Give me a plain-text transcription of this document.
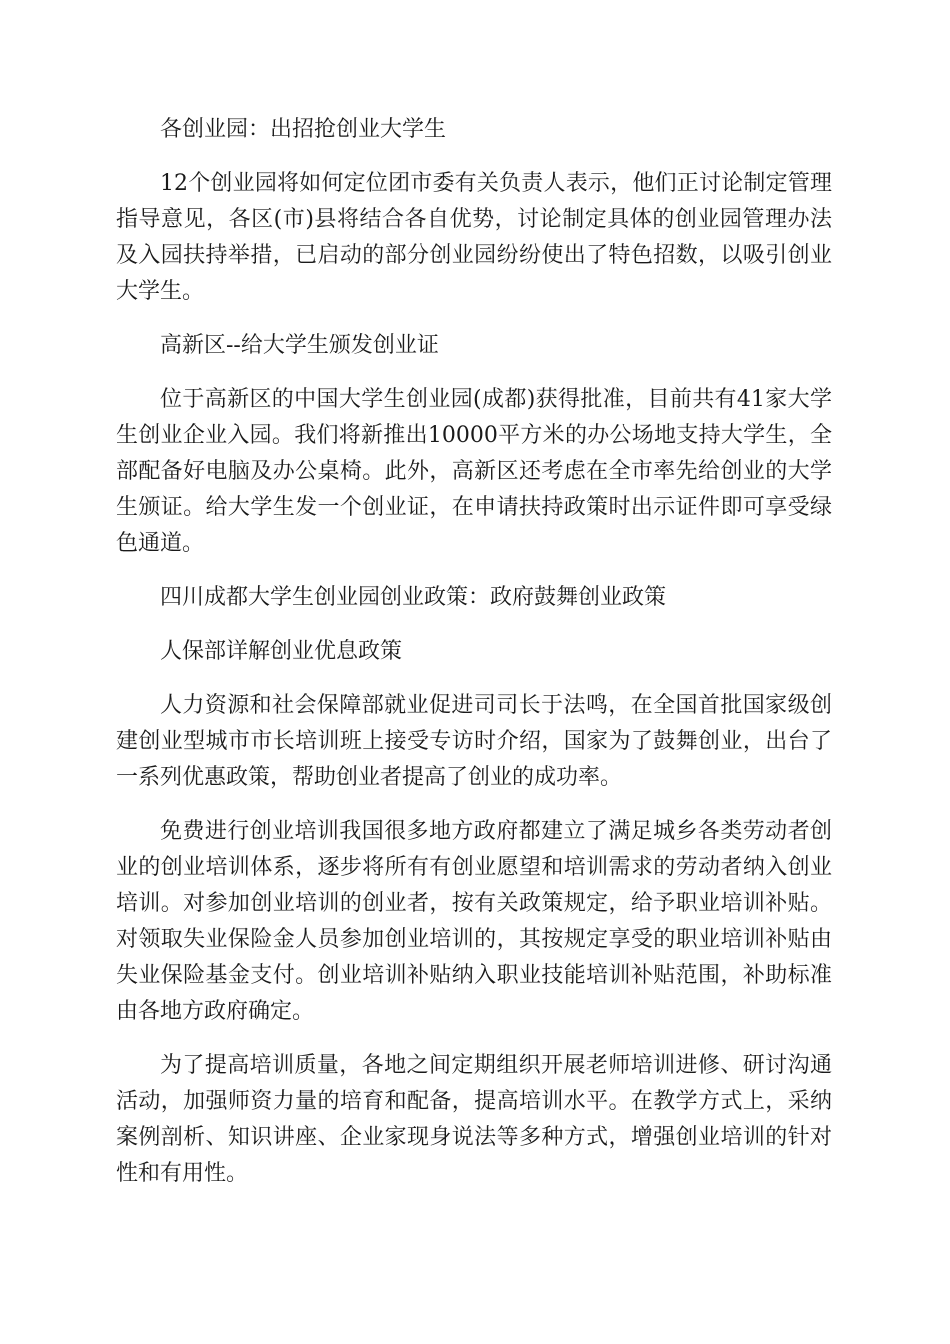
各创业园：出招抢创业大学生

12个创业园将如何定位团市委有关负责人表示，他们正讨论制定管理指导意见，各区(市)县将结合各自优势，讨论制定具体的创业园管理办法及入园扶持举措，已启动的部分创业园纷纷使出了特色招数，以吸引创业大学生。

高新区--给大学生颁发创业证

位于高新区的中国大学生创业园(成都)获得批准，目前共有41家大学生创业企业入园。我们将新推出10000平方米的办公场地支持大学生，全部配备好电脑及办公桌椅。此外，高新区还考虑在全市率先给创业的大学生颁证。给大学生发一个创业证，在申请扶持政策时出示证件即可享受绿色通道。

四川成都大学生创业园创业政策：政府鼓舞创业政策

人保部详解创业优息政策

人力资源和社会保障部就业促进司司长于法鸣，在全国首批国家级创建创业型城市市长培训班上接受专访时介绍，国家为了鼓舞创业，出台了一系列优惠政策，帮助创业者提高了创业的成功率。

免费进行创业培训我国很多地方政府都建立了满足城乡各类劳动者创业的创业培训体系，逐步将所有有创业愿望和培训需求的劳动者纳入创业培训。对参加创业培训的创业者，按有关政策规定，给予职业培训补贴。对领取失业保险金人员参加创业培训的，其按规定享受的职业培训补贴由失业保险基金支付。创业培训补贴纳入职业技能培训补贴范围，补助标准由各地方政府确定。

为了提高培训质量，各地之间定期组织开展老师培训进修、研讨沟通活动，加强师资力量的培育和配备，提高培训水平。在教学方式上，采纳案例剖析、知识讲座、企业家现身说法等多种方式，增强创业培训的针对性和有用性。
